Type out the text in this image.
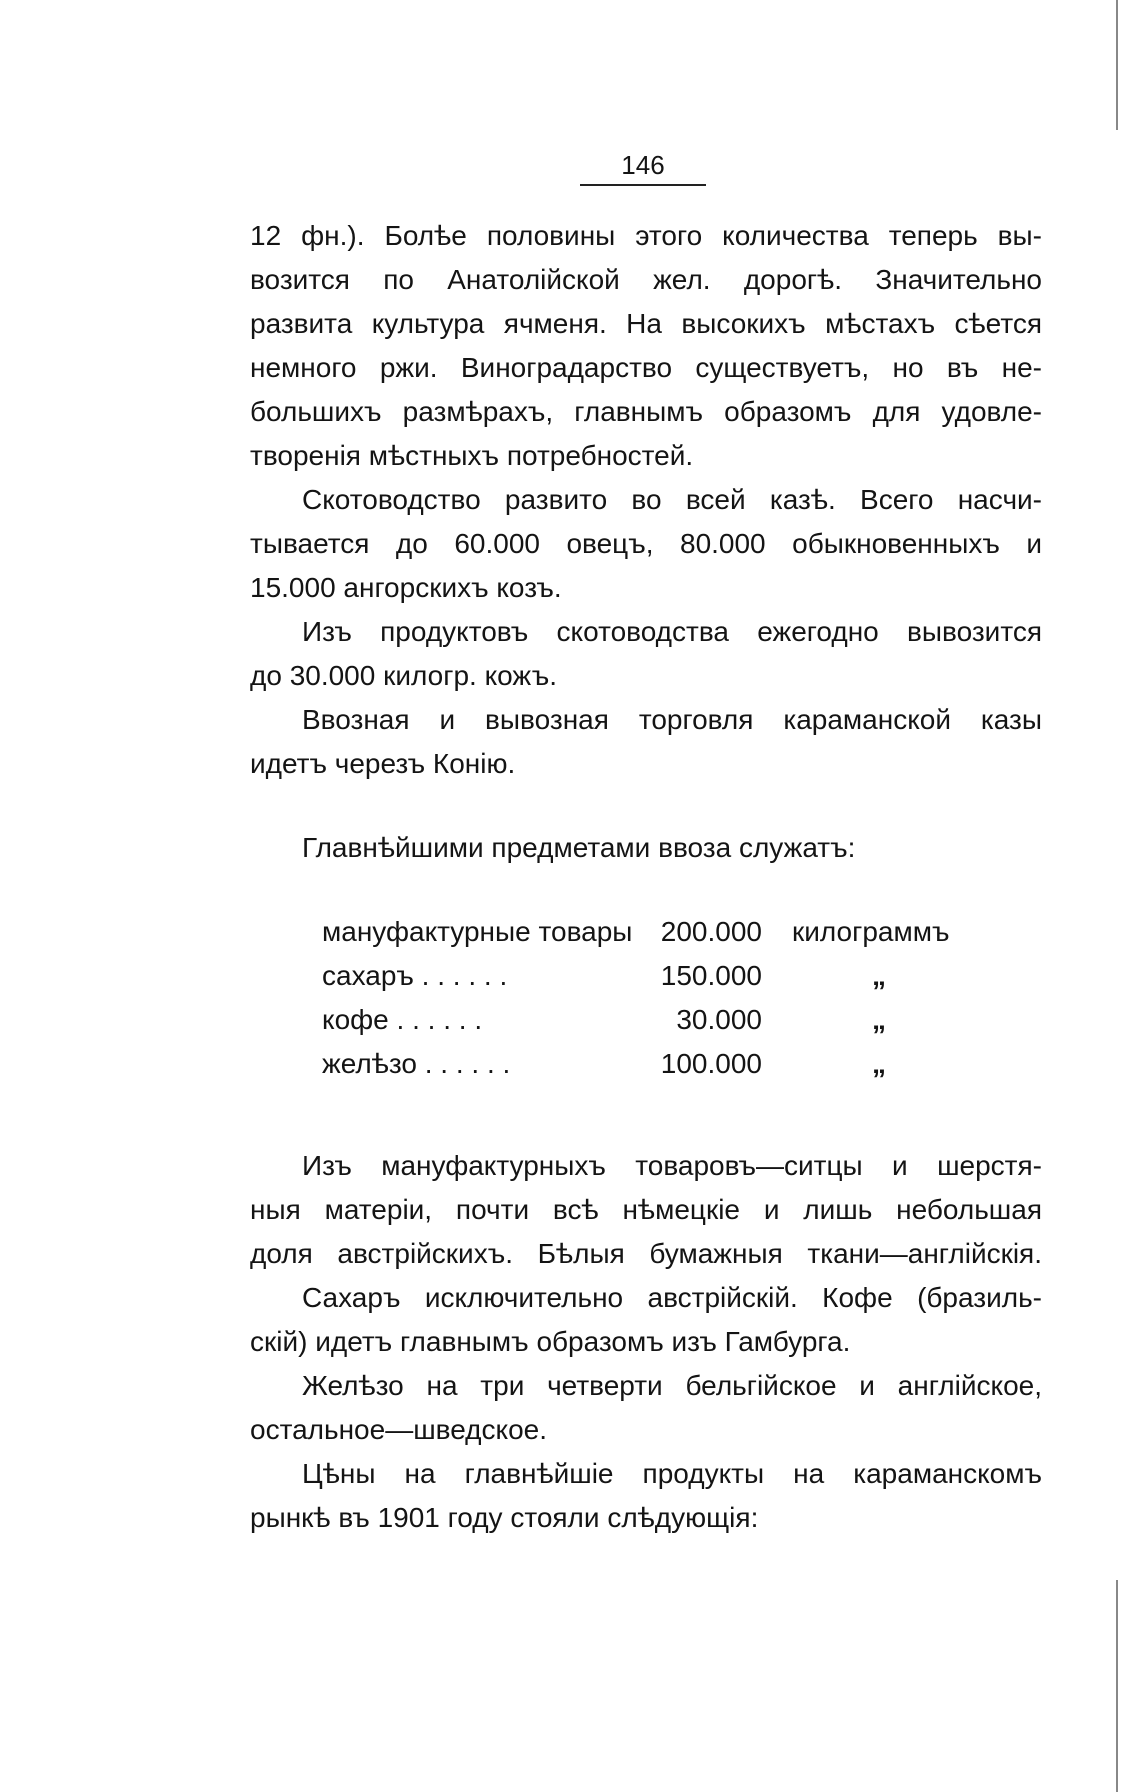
146
12 фн.). Болѣе половины этого количества теперь вы-
возится по Анатолійской жел. дорогѣ. Значительно
развита культура ячменя. На высокихъ мѣстахъ сѣется
немного ржи. Виноградарство существуетъ, но въ не-
большихъ размѣрахъ, главнымъ образомъ для удовле-
творенія мѣстныхъ потребностей.
Скотоводство развито во всей казѣ. Всего насчи-
тывается до 60.000 овецъ, 80.000 обыкновенныхъ и
15.000 ангорскихъ козъ.
Изъ продуктовъ скотоводства ежегодно вывозится
до 30.000 килогр. кожъ.
Ввозная и вывозная торговля караманской казы
идетъ черезъ Конію.
Главнѣйшими предметами ввоза служатъ:
мануфактурные товары	200.000 килограммъ
сахаръ . . . . . .	150.000	„
кофе . . . . . .	30.000	„
желѣзо . . . . . .	100.000	„
Изъ мануфактурныхъ товаровъ—ситцы и шерстя-
ныя матеріи, почти всѣ нѣмецкіе и лишь небольшая
доля австрійскихъ. Бѣлыя бумажныя ткани—англійскія.
Сахаръ исключительно австрійскій. Кофе (бразиль-
скій) идетъ главнымъ образомъ изъ Гамбурга.
Желѣзо на три четверти бельгійское и англійское,
остальное—шведское.
Цѣны на главнѣйшіе продукты на караманскомъ
рынкѣ въ 1901 году стояли слѣдующія:
